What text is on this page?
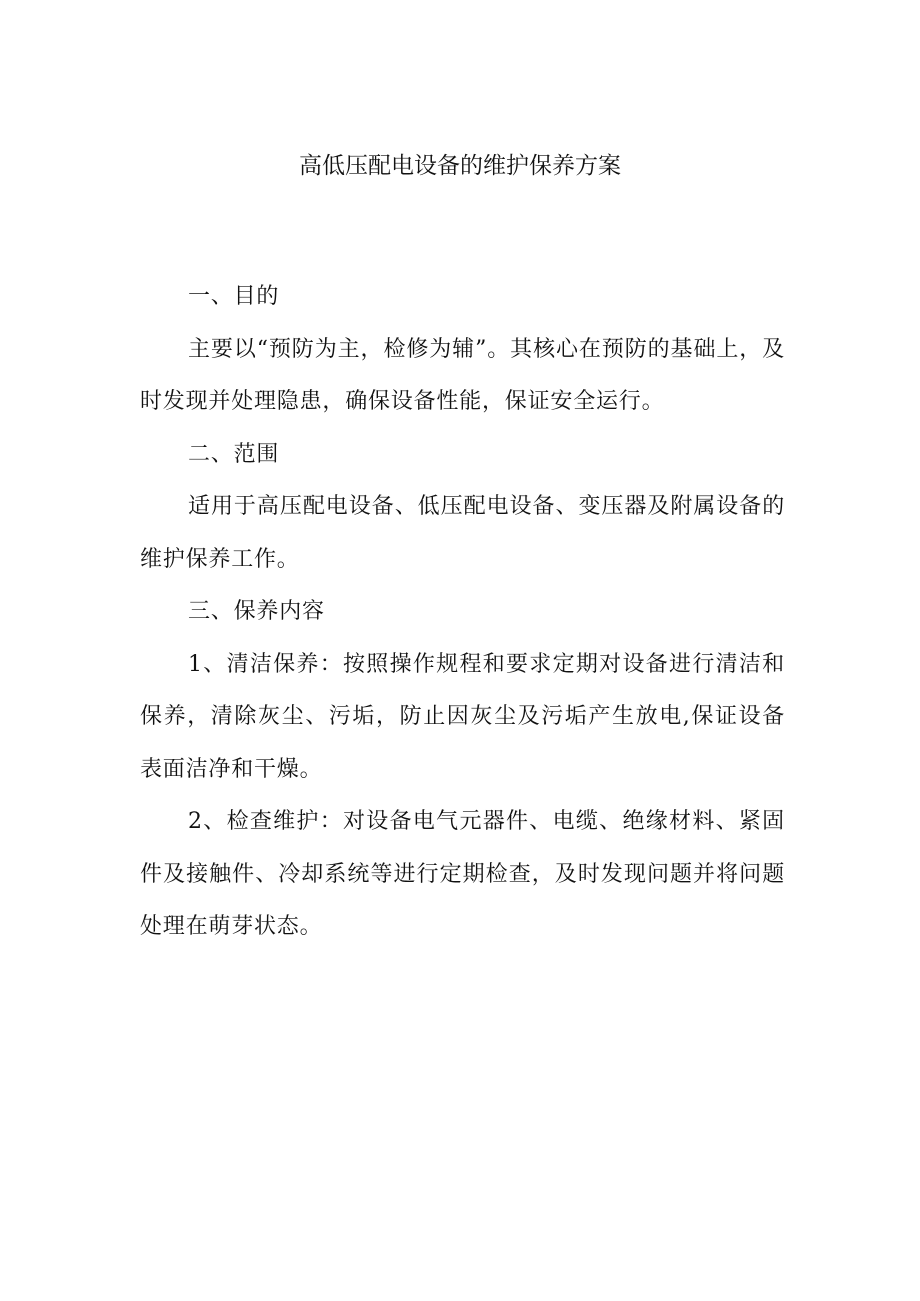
高低压配电设备的维护保养方案

一、目的

主要以“预防为主，检修为辅”。其核心在预防的基础上，及时发现并处理隐患，确保设备性能，保证安全运行。

二、范围

适用于高压配电设备、低压配电设备、变压器及附属设备的维护保养工作。

三、保养内容

1、清洁保养：按照操作规程和要求定期对设备进行清洁和保养，清除灰尘、污垢，防止因灰尘及污垢产生放电,保证设备表面洁净和干燥。

2、检查维护：对设备电气元器件、电缆、绝缘材料、紧固件及接触件、冷却系统等进行定期检查，及时发现问题并将问题处理在萌芽状态。
